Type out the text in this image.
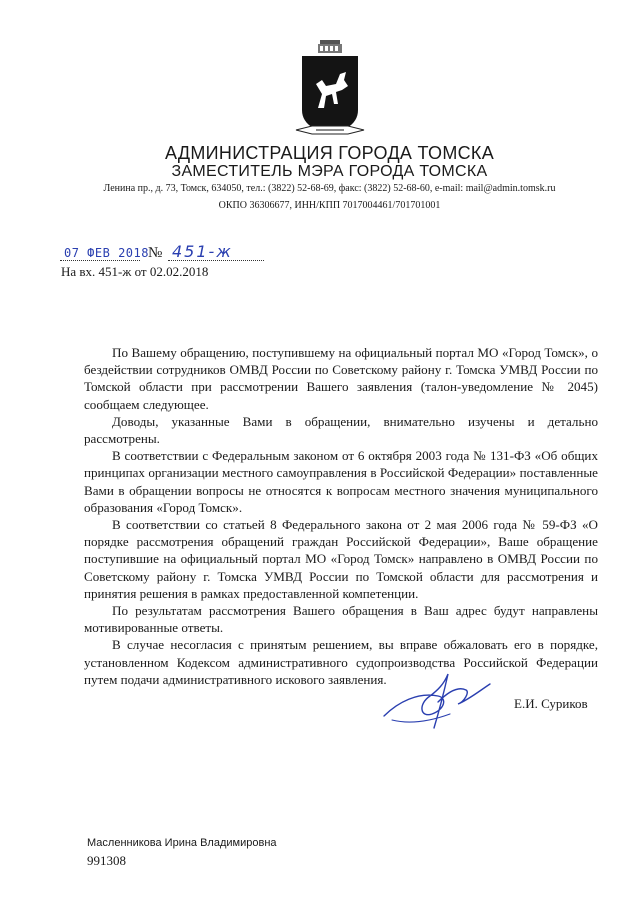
АДМИНИСТРАЦИЯ ГОРОДА ТОМСКА
ЗАМЕСТИТЕЛЬ МЭРА ГОРОДА ТОМСКА
Ленина пр., д. 73, Томск, 634050, тел.: (3822) 52-68-69, факс: (3822) 52-68-60, e-mail: mail@admin.tomsk.ru
ОКПО 36306677, ИНН/КПП 7017004461/701701001
07 ФЕВ 2018 № 451-ж
На вх. 451-ж от 02.02.2018

По Вашему обращению, поступившему на официальный портал МО «Город Томск», о бездействии сотрудников ОМВД России по Советскому району г. Томска УМВД России по Томской области при рассмотрении Вашего заявления (талон-уведомление № 2045) сообщаем следующее.

Доводы, указанные Вами в обращении, внимательно изучены и детально рассмотрены.

В соответствии с Федеральным законом от 6 октября 2003 года № 131-ФЗ «Об общих принципах организации местного самоуправления в Российской Федерации» поставленные Вами в обращении вопросы не относятся к вопросам местного значения муниципального образования «Город Томск».

В соответствии со статьей 8 Федерального закона от 2 мая 2006 года № 59-ФЗ «О порядке рассмотрения обращений граждан Российской Федерации», Ваше обращение поступившие на официальный портал МО «Город Томск» направлено в ОМВД России по Советскому району г. Томска УМВД России по Томской области для рассмотрения и принятия решения в рамках предоставленной компетенции.

По результатам рассмотрения Вашего обращения в Ваш адрес будут направлены мотивированные ответы.

В случае несогласия с принятым решением, вы вправе обжаловать его в порядке, установленном Кодексом административного судопроизводства Российской Федерации путем подачи административного искового заявления.

Е.И. Суриков
Масленникова Ирина Владимировна
991308
